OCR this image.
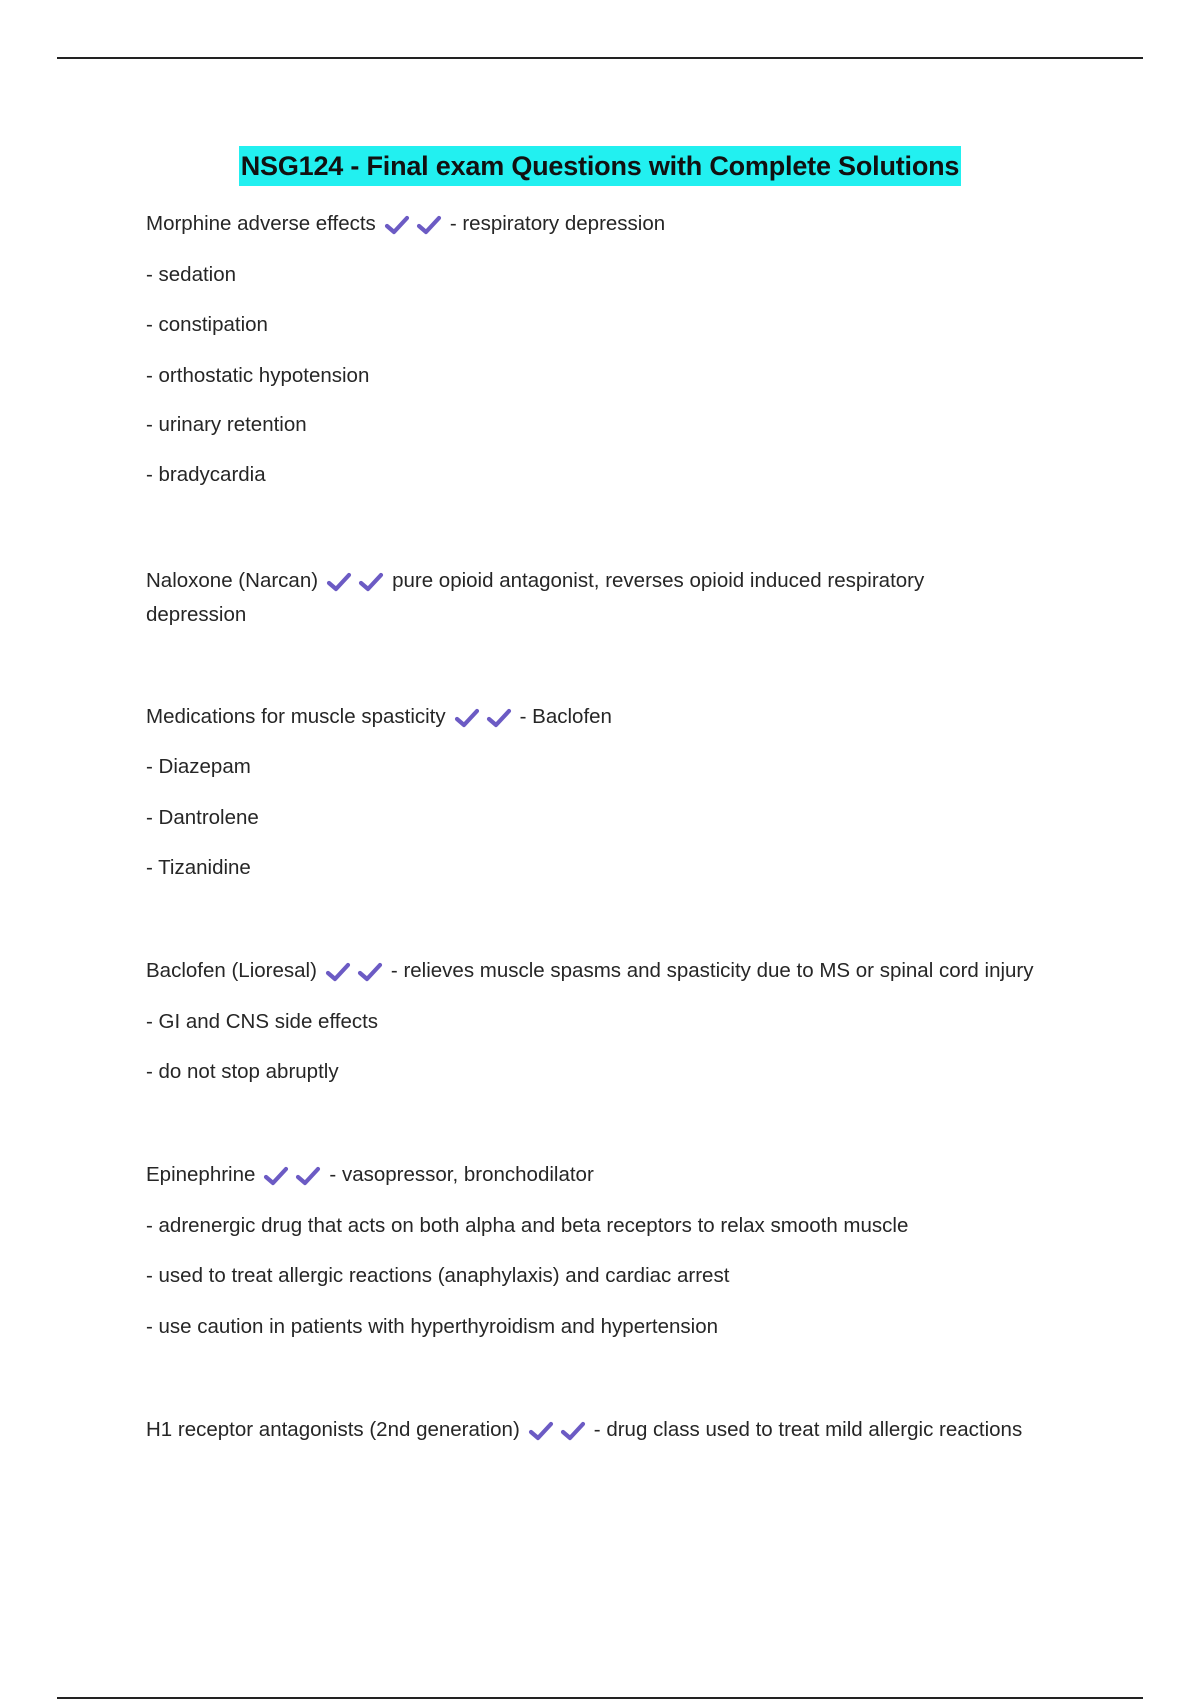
NSG124 - Final exam Questions with Complete Solutions
Morphine adverse effects	- respiratory depression
- sedation
- constipation
- orthostatic hypotension
- urinary retention
- bradycardia
Naloxone (Narcan)	pure opioid antagonist, reverses opioid induced respiratory depression
Medications for muscle spasticity	- Baclofen
- Diazepam
- Dantrolene
- Tizanidine
Baclofen (Lioresal)	- relieves muscle spasms and spasticity due to MS or spinal cord injury
- GI and CNS side effects
- do not stop abruptly
Epinephrine	- vasopressor, bronchodilator
- adrenergic drug that acts on both alpha and beta receptors to relax smooth muscle
- used to treat allergic reactions (anaphylaxis) and cardiac arrest
- use caution in patients with hyperthyroidism and hypertension
H1 receptor antagonists (2nd generation)	- drug class used to treat mild allergic reactions
